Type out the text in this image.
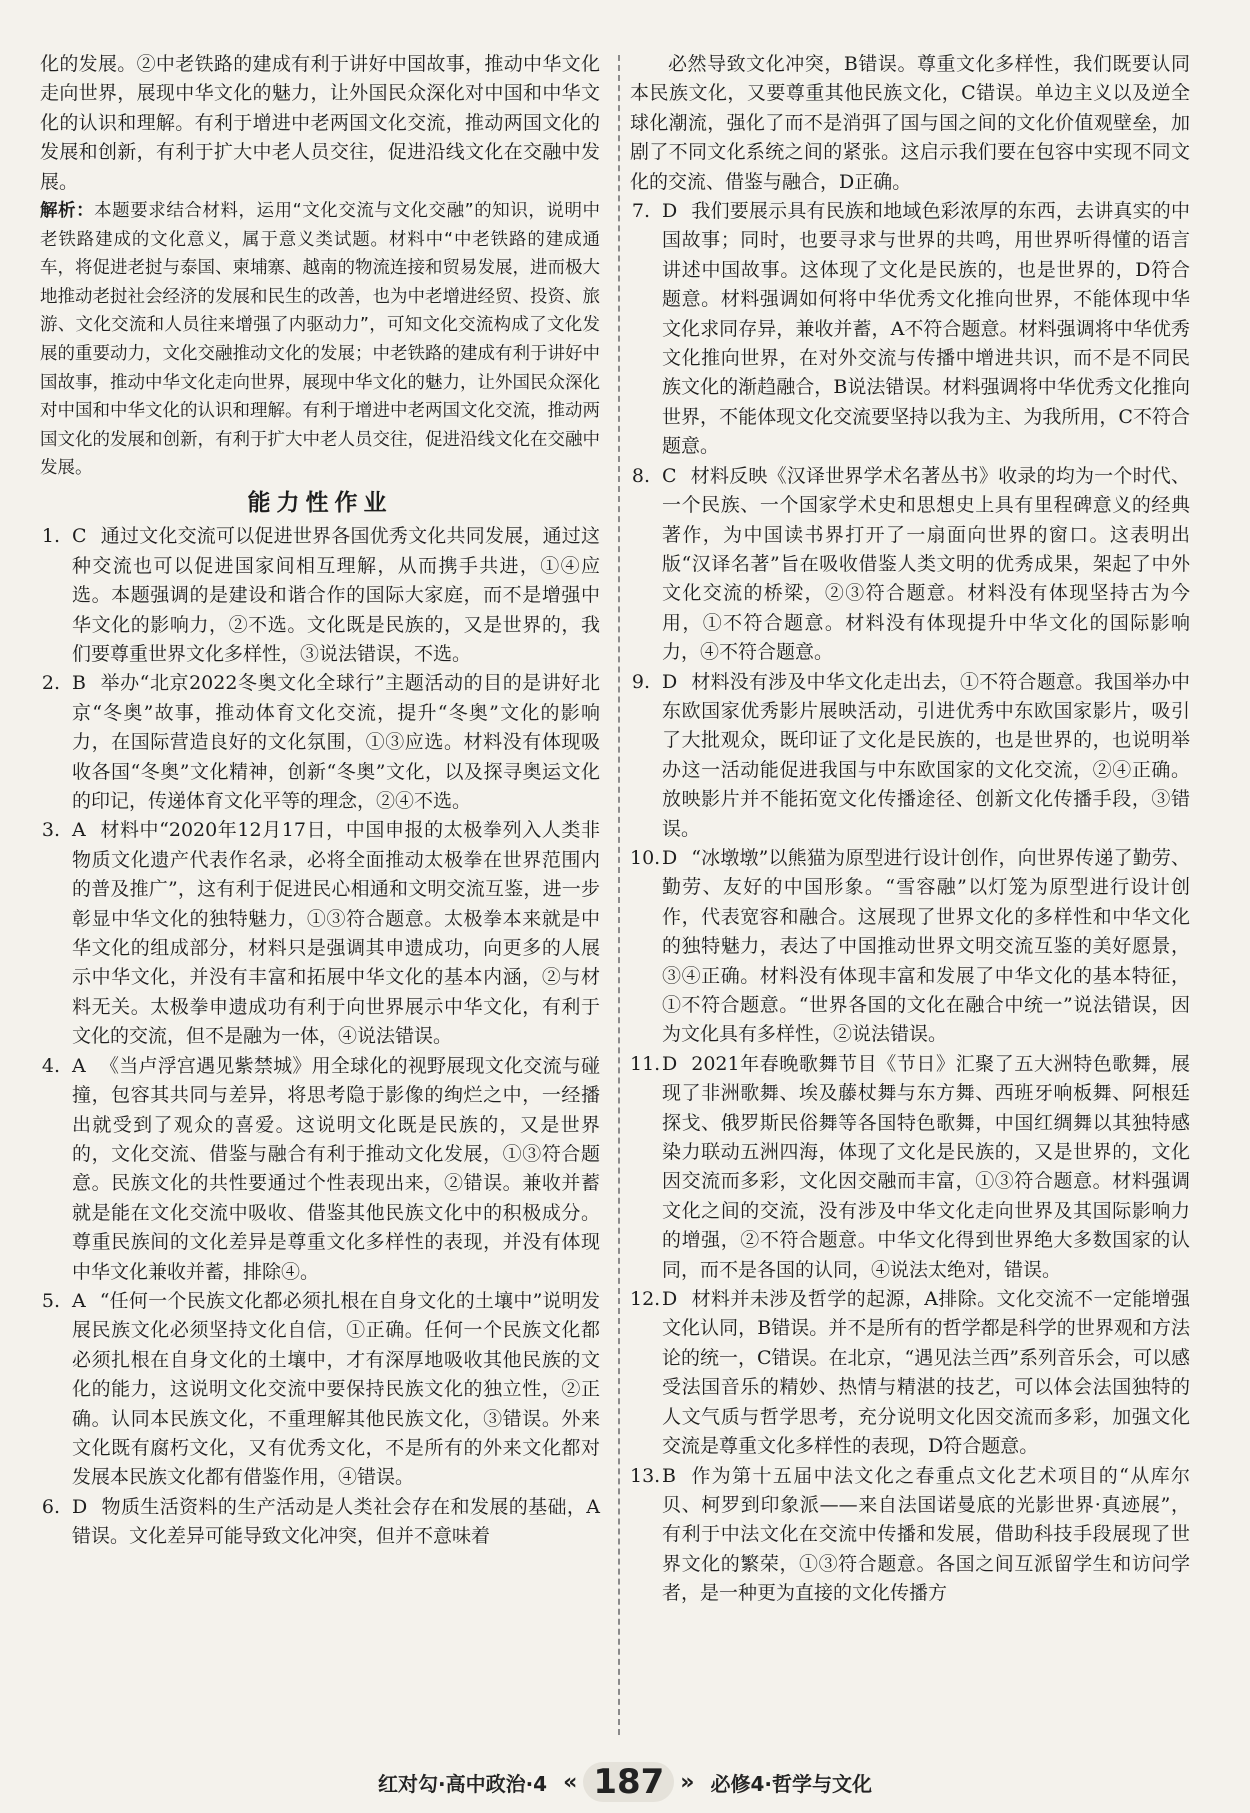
化的发展。②中老铁路的建成有利于讲好中国故事，推动中华文化走向世界，展现中华文化的魅力，让外国民众深化对中国和中华文化的认识和理解。有利于增进中老两国文化交流，推动两国文化的发展和创新，有利于扩大中老人员交往，促进沿线文化在交融中发展。

解析：本题要求结合材料，运用“文化交流与文化交融”的知识，说明中老铁路建成的文化意义，属于意义类试题。材料中“中老铁路的建成通车，将促进老挝与泰国、柬埔寨、越南的物流连接和贸易发展，进而极大地推动老挝社会经济的发展和民生的改善，也为中老增进经贸、投资、旅游、文化交流和人员往来增强了内驱动力”，可知文化交流构成了文化发展的重要动力，文化交融推动文化的发展；中老铁路的建成有利于讲好中国故事，推动中华文化走向世界，展现中华文化的魅力，让外国民众深化对中国和中华文化的认识和理解。有利于增进中老两国文化交流，推动两国文化的发展和创新，有利于扩大中老人员交往，促进沿线文化在交融中发展。

能力性作业
1. C 通过文化交流可以促进世界各国优秀文化共同发展，通过这种交流也可以促进国家间相互理解，从而携手共进，①④应选。本题强调的是建设和谐合作的国际大家庭，而不是增强中华文化的影响力，②不选。文化既是民族的，又是世界的，我们要尊重世界文化多样性，③说法错误，不选。
2. B 举办“北京2022冬奥文化全球行”主题活动的目的是讲好北京“冬奥”故事，推动体育文化交流，提升“冬奥”文化的影响力，在国际营造良好的文化氛围，①③应选。材料没有体现吸收各国“冬奥”文化精神，创新“冬奥”文化，以及探寻奥运文化的印记，传递体育文化平等的理念，②④不选。
3. A 材料中“2020年12月17日，中国申报的太极拳列入人类非物质文化遗产代表作名录，必将全面推动太极拳在世界范围内的普及推广”，这有利于促进民心相通和文明交流互鉴，进一步彰显中华文化的独特魅力，①③符合题意。太极拳本来就是中华文化的组成部分，材料只是强调其申遗成功，向更多的人展示中华文化，并没有丰富和拓展中华文化的基本内涵，②与材料无关。太极拳申遗成功有利于向世界展示中华文化，有利于文化的交流，但不是融为一体，④说法错误。
4. A 《当卢浮宫遇见紫禁城》用全球化的视野展现文化交流与碰撞，包容其共同与差异，将思考隐于影像的绚烂之中，一经播出就受到了观众的喜爱。这说明文化既是民族的，又是世界的，文化交流、借鉴与融合有利于推动文化发展，①③符合题意。民族文化的共性要通过个性表现出来，②错误。兼收并蓄就是能在文化交流中吸收、借鉴其他民族文化中的积极成分。尊重民族间的文化差异是尊重文化多样性的表现，并没有体现中华文化兼收并蓄，排除④。
5. A “任何一个民族文化都必须扎根在自身文化的土壤中”说明发展民族文化必须坚持文化自信，①正确。任何一个民族文化都必须扎根在自身文化的土壤中，才有深厚地吸收其他民族的文化的能力，这说明文化交流中要保持民族文化的独立性，②正确。认同本民族文化，不重理解其他民族文化，③错误。外来文化既有腐朽文化，又有优秀文化，不是所有的外来文化都对发展本民族文化都有借鉴作用，④错误。
6. D 物质生活资料的生产活动是人类社会存在和发展的基础，A错误。文化差异可能导致文化冲突，但并不意味着

必然导致文化冲突，B错误。尊重文化多样性，我们既要认同本民族文化，又要尊重其他民族文化，C错误。单边主义以及逆全球化潮流，强化了而不是消弭了国与国之间的文化价值观壁垒，加剧了不同文化系统之间的紧张。这启示我们要在包容中实现不同文化的交流、借鉴与融合，D正确。

7. D 我们要展示具有民族和地域色彩浓厚的东西，去讲真实的中国故事；同时，也要寻求与世界的共鸣，用世界听得懂的语言讲述中国故事。这体现了文化是民族的，也是世界的，D符合题意。材料强调如何将中华优秀文化推向世界，不能体现中华文化求同存异，兼收并蓄，A不符合题意。材料强调将中华优秀文化推向世界，在对外交流与传播中增进共识，而不是不同民族文化的渐趋融合，B说法错误。材料强调将中华优秀文化推向世界，不能体现文化交流要坚持以我为主、为我所用，C不符合题意。
8. C 材料反映《汉译世界学术名著丛书》收录的均为一个时代、一个民族、一个国家学术史和思想史上具有里程碑意义的经典著作，为中国读书界打开了一扇面向世界的窗口。这表明出版“汉译名著”旨在吸收借鉴人类文明的优秀成果，架起了中外文化交流的桥梁，②③符合题意。材料没有体现坚持古为今用，①不符合题意。材料没有体现提升中华文化的国际影响力，④不符合题意。
9. D 材料没有涉及中华文化走出去，①不符合题意。我国举办中东欧国家优秀影片展映活动，引进优秀中东欧国家影片，吸引了大批观众，既印证了文化是民族的，也是世界的，也说明举办这一活动能促进我国与中东欧国家的文化交流，②④正确。放映影片并不能拓宽文化传播途径、创新文化传播手段，③错误。
10. D “冰墩墩”以熊猫为原型进行设计创作，向世界传递了勤劳、勤劳、友好的中国形象。“雪容融”以灯笼为原型进行设计创作，代表宽容和融合。这展现了世界文化的多样性和中华文化的独特魅力，表达了中国推动世界文明交流互鉴的美好愿景，③④正确。材料没有体现丰富和发展了中华文化的基本特征，①不符合题意。“世界各国的文化在融合中统一”说法错误，因为文化具有多样性，②说法错误。
11. D 2021年春晚歌舞节目《节日》汇聚了五大洲特色歌舞，展现了非洲歌舞、埃及藤杖舞与东方舞、西班牙响板舞、阿根廷探戈、俄罗斯民俗舞等各国特色歌舞，中国红绸舞以其独特感染力联动五洲四海，体现了文化是民族的，又是世界的，文化因交流而多彩，文化因交融而丰富，①③符合题意。材料强调文化之间的交流，没有涉及中华文化走向世界及其国际影响力的增强，②不符合题意。中华文化得到世界绝大多数国家的认同，而不是各国的认同，④说法太绝对，错误。
12. D 材料并未涉及哲学的起源，A排除。文化交流不一定能增强文化认同，B错误。并不是所有的哲学都是科学的世界观和方法论的统一，C错误。在北京，“遇见法兰西”系列音乐会，可以感受法国音乐的精妙、热情与精湛的技艺，可以体会法国独特的人文气质与哲学思考，充分说明文化因交流而多彩，加强文化交流是尊重文化多样性的表现，D符合题意。
13. B 作为第十五届中法文化之春重点文化艺术项目的“从库尔贝、柯罗到印象派——来自法国诺曼底的光影世界·真迹展”，有利于中法文化在交流中传播和发展，借助科技手段展现了世界文化的繁荣，①③符合题意。各国之间互派留学生和访问学者，是一种更为直接的文化传播方
红对勾·高中政治·4 « 187 » 必修4·哲学与文化
